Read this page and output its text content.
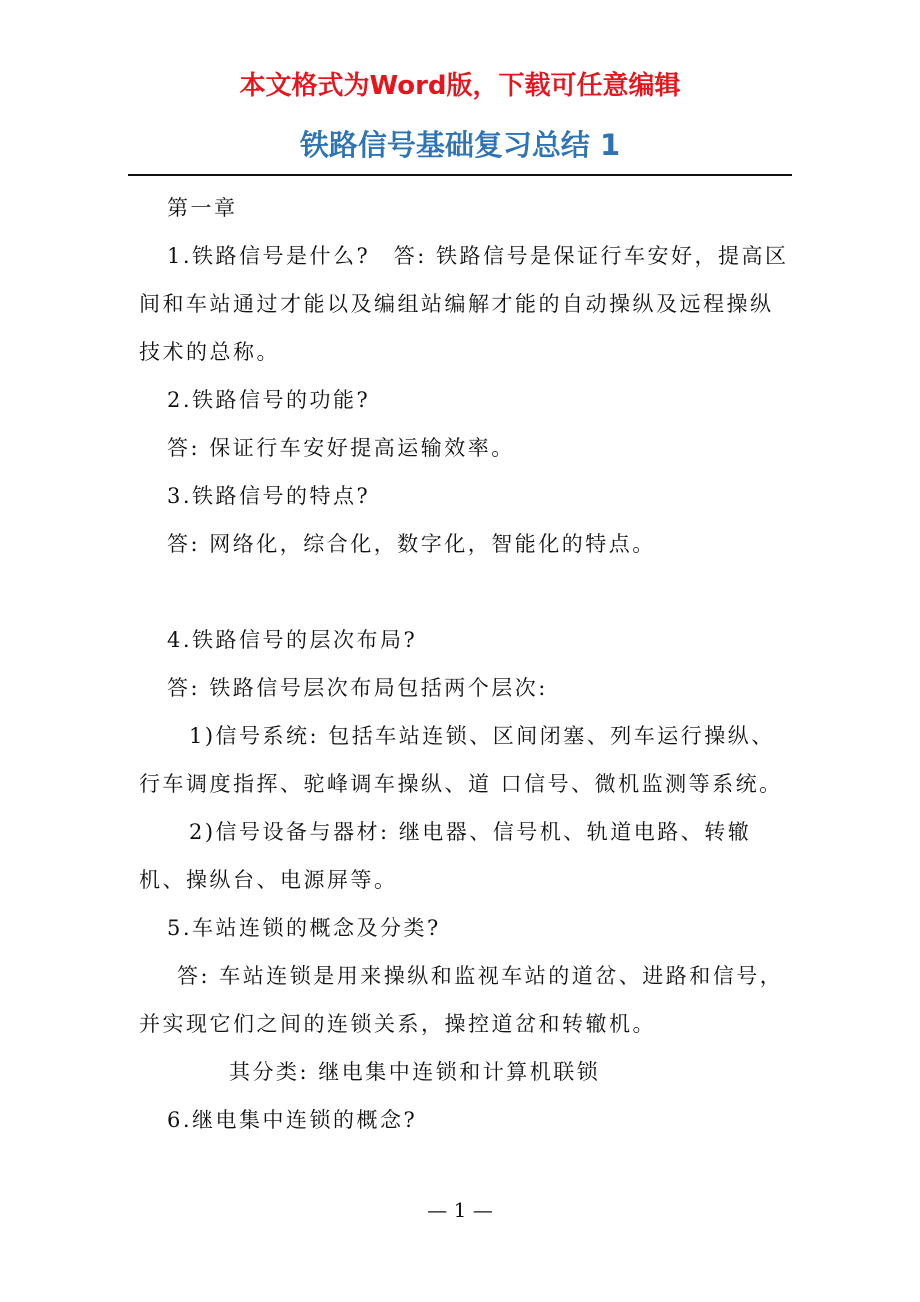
本文格式为Word版，下载可任意编辑
铁路信号基础复习总结 1

第一章

1.铁路信号是什么?　答: 铁路信号是保证行车安好，提高区间和车站通过才能以及编组站编解才能的自动操纵及远程操纵技术的总称。

2.铁路信号的功能?

答: 保证行车安好提高运输效率。

3.铁路信号的特点?

答: 网络化，综合化，数字化，智能化的特点。

4.铁路信号的层次布局?

答: 铁路信号层次布局包括两个层次:

1)信号系统: 包括车站连锁、区间闭塞、列车运行操纵、行车调度指挥、驼峰调车操纵、道 口信号、微机监测等系统。

2)信号设备与器材: 继电器、信号机、轨道电路、转辙机、操纵台、电源屏等。

5.车站连锁的概念及分类?

答: 车站连锁是用来操纵和监视车站的道岔、进路和信号，并实现它们之间的连锁关系，操控道岔和转辙机。

其分类: 继电集中连锁和计算机联锁

6.继电集中连锁的概念?

— 1 —
